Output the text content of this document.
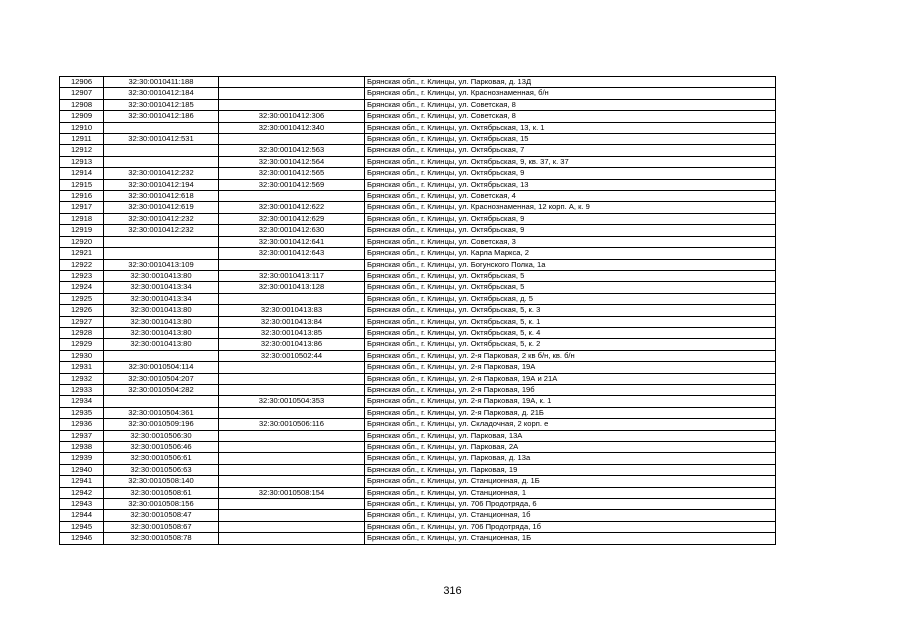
12906	32:30:0010411:188		Брянская обл., г. Клинцы, ул. Парковая, д. 13Д
12907	32:30:0010412:184		Брянская обл., г. Клинцы, ул. Краснознаменная, б/н
12908	32:30:0010412:185		Брянская обл., г. Клинцы, ул. Советская, 8
12909	32:30:0010412:186	32:30:0010412:306	Брянская обл., г. Клинцы, ул. Советская, 8
12910		32:30:0010412:340	Брянская обл., г. Клинцы, ул. Октябрьская, 13, к. 1
12911	32:30:0010412:531		Брянская обл., г. Клинцы, ул. Октябрьская, 15
12912		32:30:0010412:563	Брянская обл., г. Клинцы, ул. Октябрьская, 7
12913		32:30:0010412:564	Брянская обл., г. Клинцы, ул. Октябрьская, 9, кв. 37, к. 37
12914	32:30:0010412:232	32:30:0010412:565	Брянская обл., г. Клинцы, ул. Октябрьская, 9
12915	32:30:0010412:194	32:30:0010412:569	Брянская обл., г. Клинцы, ул. Октябрьская, 13
12916	32:30:0010412:618		Брянская обл., г. Клинцы, ул. Советская, 4
12917	32:30:0010412:619	32:30:0010412:622	Брянская обл., г. Клинцы, ул. Краснознаменная, 12 корп. А, к. 9
12918	32:30:0010412:232	32:30:0010412:629	Брянская обл., г. Клинцы, ул. Октябрьская, 9
12919	32:30:0010412:232	32:30:0010412:630	Брянская обл., г. Клинцы, ул. Октябрьская, 9
12920		32:30:0010412:641	Брянская обл., г. Клинцы, ул. Советская, 3
12921		32:30:0010412:643	Брянская обл., г. Клинцы, ул. Карла Маркса, 2
12922	32:30:0010413:109		Брянская обл., г. Клинцы, ул. Богунского Полка, 1а
12923	32:30:0010413:80	32:30:0010413:117	Брянская обл., г. Клинцы, ул. Октябрьская, 5
12924	32:30:0010413:34	32:30:0010413:128	Брянская обл., г. Клинцы, ул. Октябрьская, 5
12925	32:30:0010413:34		Брянская обл., г. Клинцы, ул. Октябрьская, д. 5
12926	32:30:0010413:80	32:30:0010413:83	Брянская обл., г. Клинцы, ул. Октябрьская, 5, к. 3
12927	32:30:0010413:80	32:30:0010413:84	Брянская обл., г. Клинцы, ул. Октябрьская, 5, к. 1
12928	32:30:0010413:80	32:30:0010413:85	Брянская обл., г. Клинцы, ул. Октябрьская, 5, к. 4
12929	32:30:0010413:80	32:30:0010413:86	Брянская обл., г. Клинцы, ул. Октябрьская, 5, к. 2
12930		32:30:0010502:44	Брянская обл., г. Клинцы, ул. 2-я Парковая, 2 кв б/н, кв. б/н
12931	32:30:0010504:114		Брянская обл., г. Клинцы, ул. 2-я Парковая, 19А
12932	32:30:0010504:207		Брянская обл., г. Клинцы, ул. 2-я Парковая, 19А и 21А
12933	32:30:0010504:282		Брянская обл., г. Клинцы, ул. 2-я Парковая, 19б
12934		32:30:0010504:353	Брянская обл., г. Клинцы, ул. 2-я Парковая, 19А, к. 1
12935	32:30:0010504:361		Брянская обл., г. Клинцы, ул. 2-я Парковая, д. 21Б
12936	32:30:0010509:196	32:30:0010506:116	Брянская обл., г. Клинцы, ул. Складочная, 2 корп. е
12937	32:30:0010506:30		Брянская обл., г. Клинцы, ул. Парковая, 13А
12938	32:30:0010506:46		Брянская обл., г. Клинцы, ул. Парковая, 2А
12939	32:30:0010506:61		Брянская обл., г. Клинцы, ул. Парковая, д. 13а
12940	32:30:0010506:63		Брянская обл., г. Клинцы, ул. Парковая, 19
12941	32:30:0010508:140		Брянская обл., г. Клинцы, ул. Станционная, д. 1Б
12942	32:30:0010508:61	32:30:0010508:154	Брянская обл., г. Клинцы, ул. Станционная, 1
12943	32:30:0010508:156		Брянская обл., г. Клинцы, ул. 706 Продотряда, 6
12944	32:30:0010508:47		Брянская обл., г. Клинцы, ул. Станционная, 1б
12945	32:30:0010508:67		Брянская обл., г. Клинцы, ул. 706 Продотряда, 1б
12946	32:30:0010508:78		Брянская обл., г. Клинцы, ул. Станционная, 1Б
316
